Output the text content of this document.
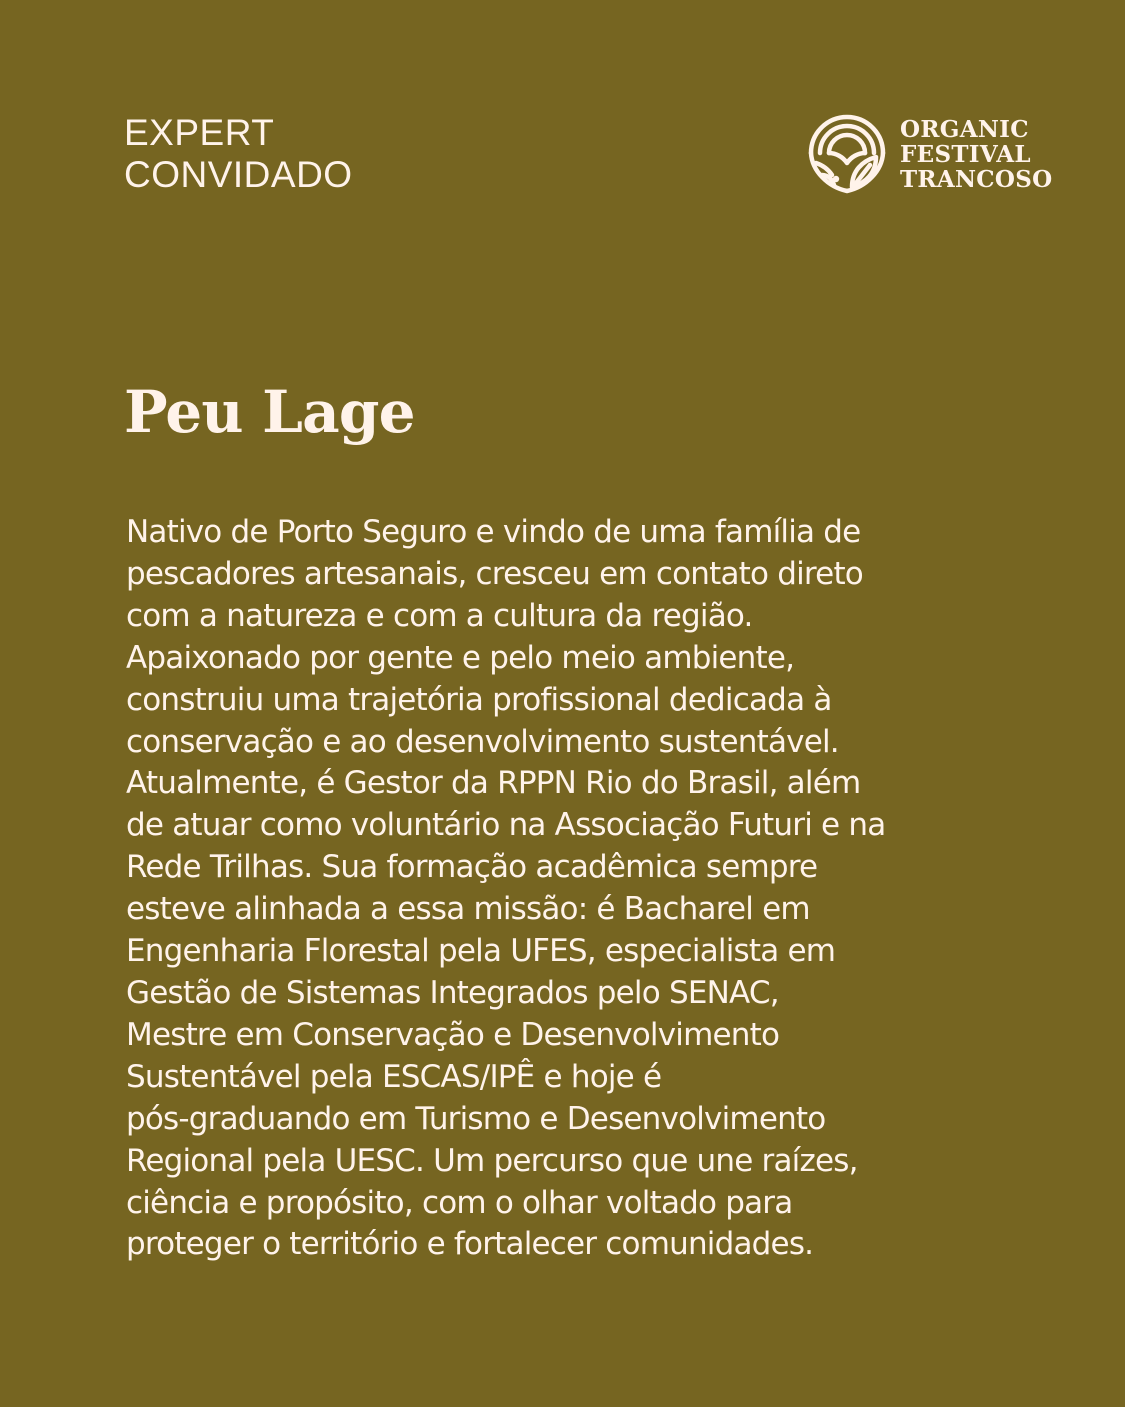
EXPERT
CONVIDADO
ORGANIC
FESTIVAL
TRANCOSO
Peu Lage

Nativo de Porto Seguro e vindo de uma família de
pescadores artesanais, cresceu em contato direto
com a natureza e com a cultura da região.
Apaixonado por gente e pelo meio ambiente,
construiu uma trajetória profissional dedicada à
conservação e ao desenvolvimento sustentável.
Atualmente, é Gestor da RPPN Rio do Brasil, além
de atuar como voluntário na Associação Futuri e na
Rede Trilhas. Sua formação acadêmica sempre
esteve alinhada a essa missão: é Bacharel em
Engenharia Florestal pela UFES, especialista em
Gestão de Sistemas Integrados pelo SENAC,
Mestre em Conservação e Desenvolvimento
Sustentável pela ESCAS/IPÊ e hoje é
pós-graduando em Turismo e Desenvolvimento
Regional pela UESC. Um percurso que une raízes,
ciência e propósito, com o olhar voltado para
proteger o território e fortalecer comunidades.
